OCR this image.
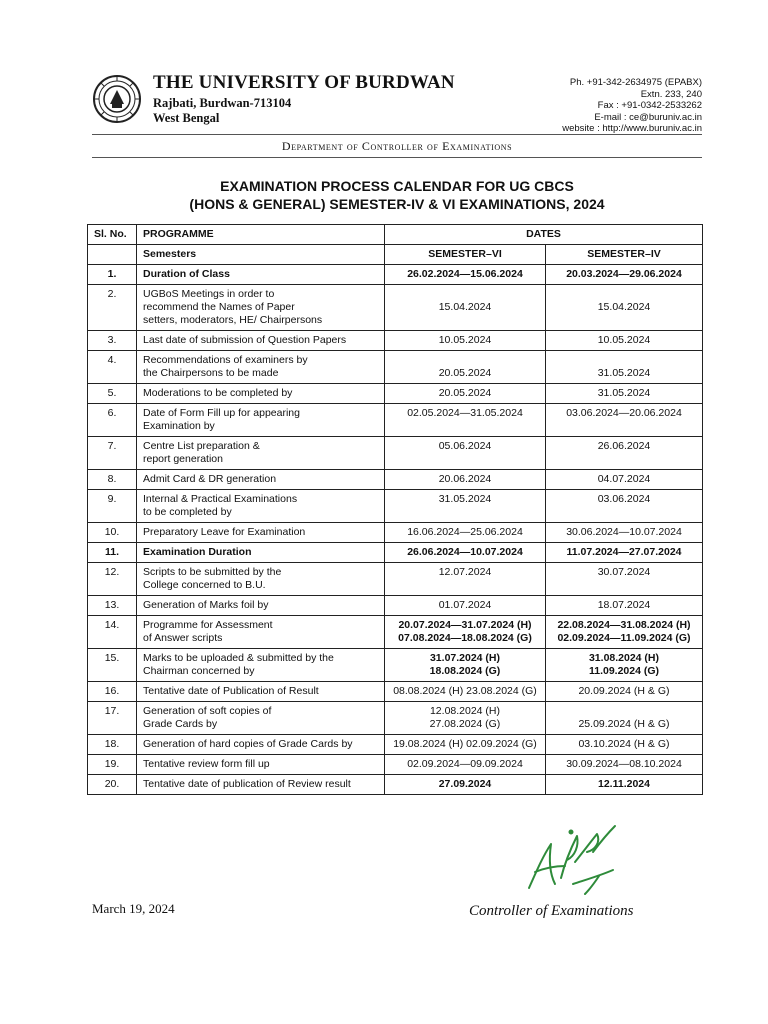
THE UNIVERSITY OF BURDWAN
Rajbati, Burdwan-713104
West Bengal
Ph. +91-342-2634975 (EPABX)
Extn. 233, 240
Fax : +91-0342-2533262
E-mail : ce@buruniv.ac.in
website : http://www.buruniv.ac.in
Department of Controller of Examinations
EXAMINATION PROCESS CALENDAR FOR UG CBCS
(HONS & GENERAL) SEMESTER-IV & VI EXAMINATIONS, 2024
Sl. No.	PROGRAMME	DATES	
	Semesters	SEMESTER–VI	SEMESTER–IV
1.	Duration of Class	26.02.2024—15.06.2024	20.03.2024—29.06.2024

2.	UGBoS Meetings in order to
recommend the Names of Paper
setters, moderators, HE/ Chairpersons	15.04.2024	15.04.2024

3.	Last date of submission of Question Papers	10.05.2024	10.05.2024

4.	Recommendations of examiners by
the Chairpersons to be made	20.05.2024	31.05.2024

5.	Moderations to be completed by	20.05.2024	31.05.2024

6.	Date of Form Fill up for appearing
Examination by	02.05.2024—31.05.2024	03.06.2024—20.06.2024

7.	Centre List preparation &
report generation	05.06.2024	26.06.2024

8.	Admit Card & DR generation	20.06.2024	04.07.2024

9.	Internal & Practical Examinations
to be completed by	31.05.2024	03.06.2024

10.	Preparatory Leave for Examination	16.06.2024—25.06.2024	30.06.2024—10.07.2024

11.	Examination Duration	26.06.2024—10.07.2024	11.07.2024—27.07.2024

12.	Scripts to be submitted by the
College concerned to B.U.	12.07.2024	30.07.2024

13.	Generation of Marks foil by	01.07.2024	18.07.2024

14.	Programme for Assessment
of Answer scripts	20.07.2024—31.07.2024 (H)
07.08.2024—18.08.2024 (G)	22.08.2024—31.08.2024 (H)
02.09.2024—11.09.2024 (G)

15.	Marks to be uploaded & submitted by the
Chairman concerned by	31.07.2024 (H)
18.08.2024 (G)	31.08.2024 (H)
11.09.2024 (G)

16.	Tentative date of Publication of Result	08.08.2024 (H) 23.08.2024 (G)	20.09.2024 (H & G)

17.	Generation of soft copies of
Grade Cards by	12.08.2024 (H)
27.08.2024 (G)	25.09.2024 (H & G)

18.	Generation of hard copies of Grade Cards by	19.08.2024 (H) 02.09.2024 (G)	03.10.2024 (H & G)

19.	Tentative review form fill up	02.09.2024—09.09.2024	30.09.2024—08.10.2024

20.	Tentative date of publication of Review result	27.09.2024	12.11.2024
March 19, 2024	Controller of Examinations
